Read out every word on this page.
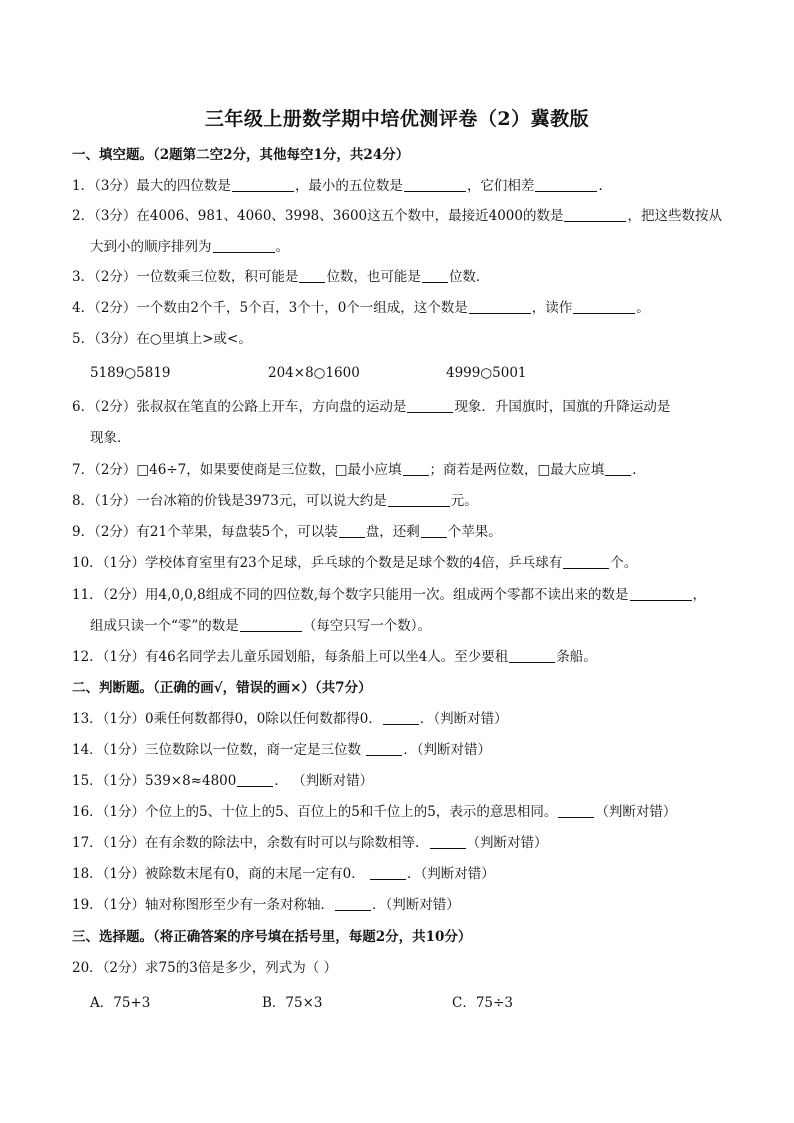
三年级上册数学期中培优测评卷（2）冀教版
一、填空题。（2题第二空2分，其他每空1分，共24分）
1．（3分）最大的四位数是	，最小的五位数是	，它们相差	．
2．（3分）在4006、981、4060、3998、3600这五个数中，最接近4000的数是	，把这些数按从
大到小的顺序排列为	。
3．（2分）一位数乘三位数，积可能是 位数，也可能是 位数．
4．（2分）一个数由2个千，5个百，3个十，0个一组成，这个数是	，读作	。
5．（3分）在○里填上>或<。
5189○5819	204×8○1600	4999○5001
6．（2分）张叔叔在笔直的公路上开车，方向盘的运动是	现象．升国旗时，国旗的升降运动是
现象．
7．（2分）□46÷7，如果要使商是三位数，□最小应填 ；商若是两位数，□最大应填 ．
8．（1分）一台冰箱的价钱是3973元，可以说大约是	元。
9．（2分）有21个苹果，每盘装5个，可以装 盘，还剩 个苹果。
10．（1分）学校体育室里有23个足球，乒乓球的个数是足球个数的4倍，乒乓球有	个。
11．（2分）用4,0,0,8组成不同的四位数,每个数字只能用一次。组成两个零都不读出来的数是	，
组成只读一个“零”的数是	（每空只写一个数）。
12．（1分）有46名同学去儿童乐园划船，每条船上可以坐4人。至少要租	条船。
二、判断题。（正确的画√，错误的画×）（共7分）
13．（1分）0乘任何数都得0，0除以任何数都得0．	．（判断对错）
14．（1分）三位数除以一位数，商一定是三位数	．（判断对错）
15．（1分）539×8≈4800	． （判断对错）
16．（1分）个位上的5、十位上的5、百位上的5和千位上的5，表示的意思相同。	（判断对错）
17．（1分）在有余数的除法中，余数有时可以与除数相等．	（判断对错）
18．（1分）被除数末尾有0，商的末尾一定有0．	．（判断对错）
19．（1分）轴对称图形至少有一条对称轴．	．（判断对错）
三、选择题。（将正确答案的序号填在括号里，每题2分，共10分）
20．（2分）求75的3倍是多少，列式为（ ）
A．75+3	B．75×3	C．75÷3
